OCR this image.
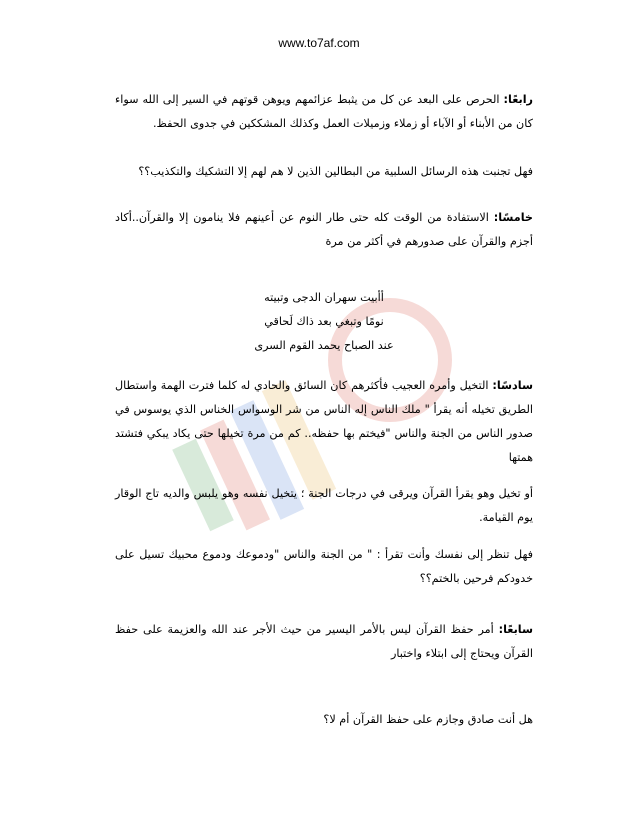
www.to7af.com

رابعًا: الحرص على البعد عن كل من يثبط عزائمهم ويوهن قوتهم في السير إلى الله سواء كان من الأبناء أو الآباء أو زملاء وزميلات العمل وكذلك المشككين في جدوى الحفظ.

فهل تجنبت هذه الرسائل السلبية من البطالين الذين لا هم لهم إلا التشكيك والتكذيب؟؟

خامسًا: الاستفادة من الوقت كله حتى طار النوم عن أعينهم فلا ينامون إلا والقرآن..أكاد أجزم والقرآن على صدورهم في أكثر من مرة

أأبيت سهران الدجى وتبيته
نومًا وتبغي بعد ذاك لَحاقي
عند الصباح يحمد القوم السرى

سادسًا: التخيل وأمره العجيب فأكثرهم كان السائق والحادي له كلما فترت الهمة واستطال الطريق تخيله أنه يقرأ " ملك الناس إله الناس من شر الوسواس الخناس الذي يوسوس في صدور الناس من الجنة والناس "فيختم بها حفظه.. كم من مرة تخيلها حتى يكاد يبكي فتشتد همتها

أو تخيل وهو يقرأ القرآن ويرقى في درجات الجنة ؛ يتخيل نفسه وهو يلبس والديه تاج الوقار يوم القيامة.

فهل تنظر إلى نفسك وأنت تقرأ : " من الجنة والناس "ودموعك ودموع محبيك تسيل على خدودكم فرحين بالختم؟؟

سابعًا: أمر حفظ القرآن ليس بالأمر اليسير من حيث الأجر عند الله والعزيمة على حفظ القرآن ويحتاج إلى ابتلاء واختبار

هل أنت صادق وجازم على حفظ القرآن أم لا؟
